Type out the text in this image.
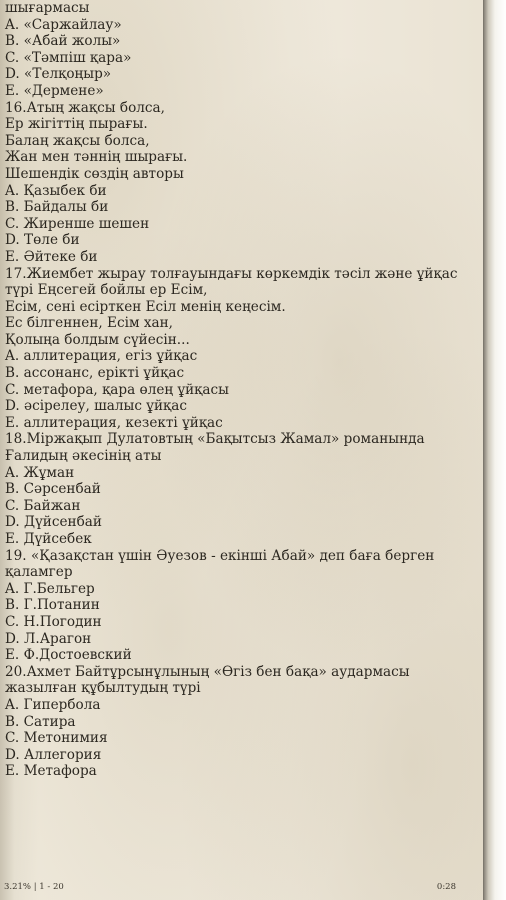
шығармасы
A. «Саржайлау»
B. «Абай жолы»
C. «Тәмпіш қара»
D. «Телқоңыр»
E. «Дермене»
16.Атың жақсы болса,
Ер жігіттің пырағы.
Балаң жақсы болса,
Жан мен тәннің шырағы.
Шешендік сөздің авторы
A. Қазыбек би
B. Байдалы би
C. Жиренше шешен
D. Төле би
E. Әйтеке би
17.Жиембет жырау толғауындағы көркемдік тәсіл және ұйқас
түрі Еңсегей бойлы ер Есім,
Есім, сені есірткен Есіл менің кеңесім.
Ес білгеннен, Есім хан,
Қолыңа болдым сүйесін...
A. аллитерация, егіз ұйқас
B. ассонанс, ерікті ұйқас
C. метафора, қара өлең ұйқасы
D. әсірелеу, шалыс ұйқас
E. аллитерация, кезекті ұйқас
18.Міржақып Дулатовтың «Бақытсыз Жамал» романында
Ғалидың әкесінің аты
A. Жұман
B. Сәрсенбай
C. Байжан
D. Дүйсенбай
E. Дүйсебек
19. «Қазақстан үшін Әуезов - екінші Абай» деп баға берген
қаламгер
A. Г.Бельгер
B. Г.Потанин
C. Н.Погодин
D. Л.Арагон
E. Ф.Достоевский
20.Ахмет Байтұрсынұлының «Өгіз бен бақа» аудармасы
жазылған құбылтудың түрі
A. Гипербола
B. Сатира
C. Метонимия
D. Аллегория
E. Метафора
3.21% | 1 - 20	0:28
